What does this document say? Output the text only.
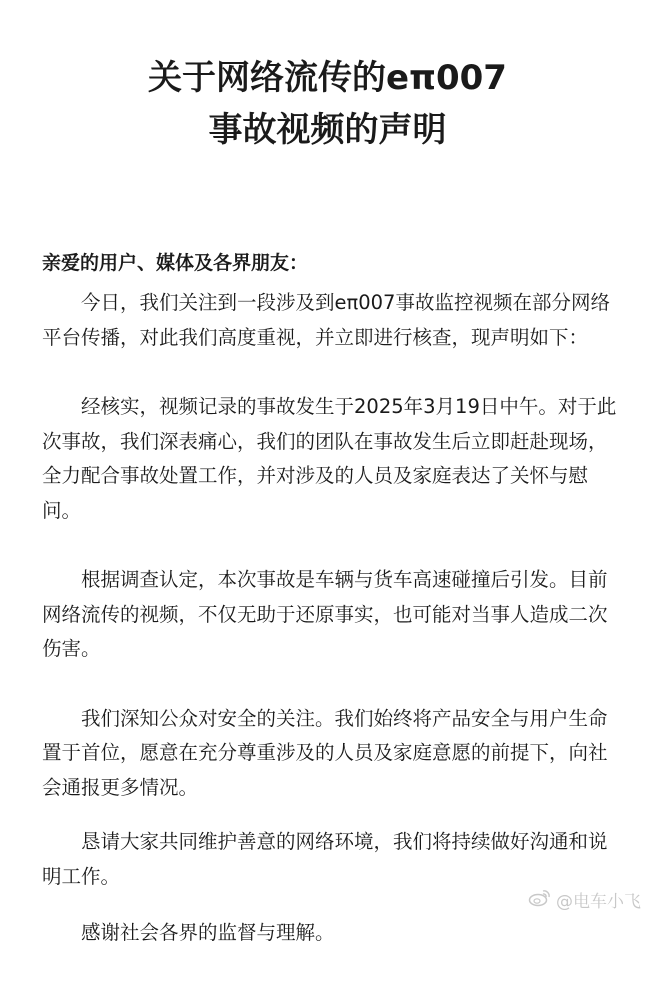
关于网络流传的eπ007
事故视频的声明
亲爱的用户、媒体及各界朋友：

今日，我们关注到一段涉及到eπ007事故监控视频在部分网络平台传播，对此我们高度重视，并立即进行核查，现声明如下：

经核实，视频记录的事故发生于2025年3月19日中午。对于此次事故，我们深表痛心，我们的团队在事故发生后立即赶赴现场，全力配合事故处置工作，并对涉及的人员及家庭表达了关怀与慰问。

根据调查认定，本次事故是车辆与货车高速碰撞后引发。目前网络流传的视频，不仅无助于还原事实，也可能对当事人造成二次伤害。

我们深知公众对安全的关注。我们始终将产品安全与用户生命置于首位，愿意在充分尊重涉及的人员及家庭意愿的前提下，向社会通报更多情况。

恳请大家共同维护善意的网络环境，我们将持续做好沟通和说明工作。

感谢社会各界的监督与理解。

@电车小飞
